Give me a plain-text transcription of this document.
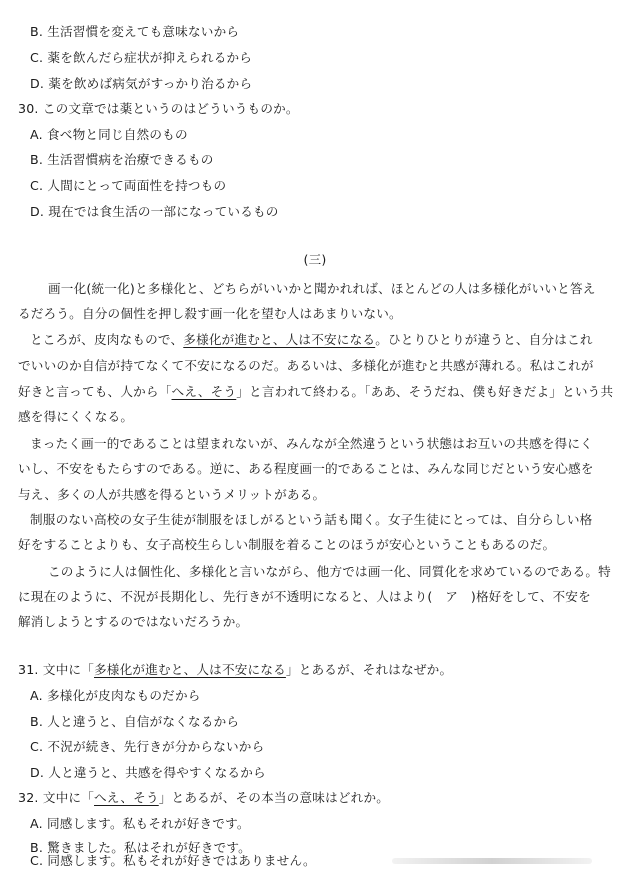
B. 生活習慣を変えても意味ないから
C. 薬を飲んだら症状が抑えられるから
D. 薬を飲めば病気がすっかり治るから
30. この文章では薬というのはどういうものか。
A. 食べ物と同じ自然のもの
B. 生活習慣病を治療できるもの
C. 人間にとって両面性を持つもの
D. 現在では食生活の一部になっているもの
(三)
画一化(統一化)と多様化と、どちらがいいかと聞かれれば、ほとんどの人は多様化がいいと答え
るだろう。自分の個性を押し殺す画一化を望む人はあまりいない。
ところが、皮肉なもので、多様化が進むと、人は不安になる。ひとりひとりが違うと、自分はこれ
でいいのか自信が持てなくて不安になるのだ。あるいは、多様化が進むと共感が薄れる。私はこれが
好きと言っても、人から「へえ、そう」と言われて終わる。「ああ、そうだね、僕も好きだよ」という共
感を得にくくなる。
まったく画一的であることは望まれないが、みんなが全然違うという状態はお互いの共感を得にく
いし、不安をもたらすのである。逆に、ある程度画一的であることは、みんな同じだという安心感を
与え、多くの人が共感を得るというメリットがある。
制服のない高校の女子生徒が制服をほしがるという話も聞く。女子生徒にとっては、自分らしい格
好をすることよりも、女子高校生らしい制服を着ることのほうが安心ということもあるのだ。
このように人は個性化、多様化と言いながら、他方では画一化、同質化を求めているのである。特
に現在のように、不況が長期化し、先行きが不透明になると、人はより(　ア　)格好をして、不安を
解消しようとするのではないだろうか。
31. 文中に「多様化が進むと、人は不安になる」とあるが、それはなぜか。
A. 多様化が皮肉なものだから
B. 人と違うと、自信がなくなるから
C. 不況が続き、先行きが分からないから
D. 人と違うと、共感を得やすくなるから
32. 文中に「へえ、そう」とあるが、その本当の意味はどれか。
A. 同感します。私もそれが好きです。
B. 驚きました。私はそれが好きです。
C. 同感します。私もそれが好きではありません。
